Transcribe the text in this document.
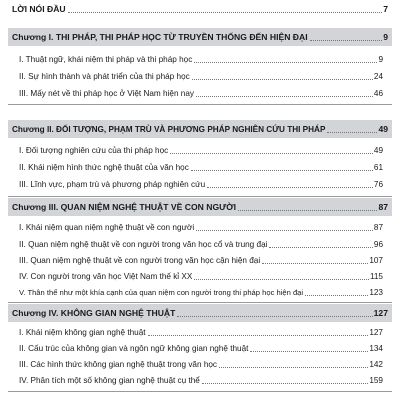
LỜI NÓI ĐẦU	7
Chương I. THI PHÁP, THI PHÁP HỌC TỪ TRUYỀN THỐNG ĐẾN HIỆN ĐẠI	9
I. Thuật ngữ, khái niệm thi pháp và thi pháp học	9
II. Sự hình thành và phát triển của thi pháp học	24
III. Mấy nét về thi pháp học ở Việt Nam hiện nay	46
Chương II. ĐỐI TƯỢNG, PHẠM TRÙ VÀ PHƯƠNG PHÁP NGHIÊN CỨU THI PHÁP	49
I. Đối tượng nghiên cứu của thi pháp học	49
II. Khái niệm hình thức nghệ thuật của văn học	61
III. Lĩnh vực, phạm trù và phương pháp nghiên cứu	76
Chương III. QUAN NIỆM NGHỆ THUẬT VỀ CON NGƯỜI	87
I. Khái niệm quan niệm nghệ thuật về con người	87
II. Quan niệm nghệ thuật về con người trong văn học cổ và trung đại	96
III. Quan niệm nghệ thuật về con người trong văn học cận hiện đại	107
IV. Con người trong văn học Việt Nam thế kỉ XX	115
V. Thân thể như một khía cạnh của quan niệm con người trong thi pháp học hiện đại	123
Chương IV. KHÔNG GIAN NGHỆ THUẬT	127
I. Khái niệm không gian nghệ thuật	127
II. Cấu trúc của không gian và ngôn ngữ không gian nghệ thuật	134
III. Các hình thức không gian nghệ thuật trong văn học	142
IV. Phân tích một số không gian nghệ thuật cụ thể	159
